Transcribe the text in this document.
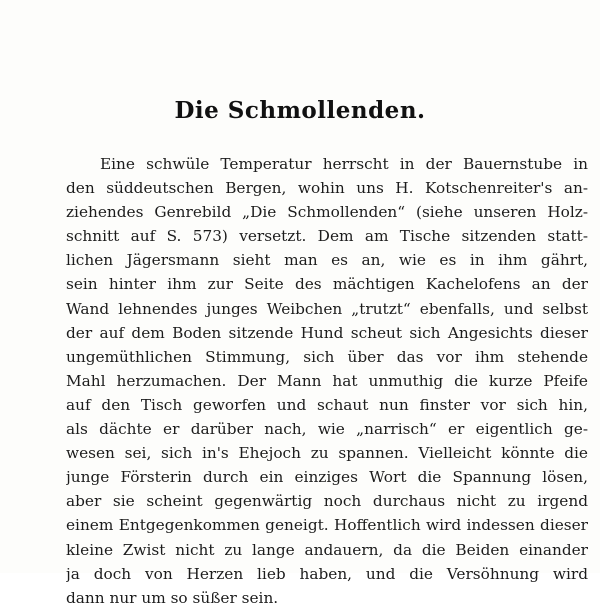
Die Schmollenden.
Eine schwüle Temperatur herrscht in der Bauernstube in
den süddeutschen Bergen, wohin uns H. Kotschenreiter's an-
ziehendes Genrebild „Die Schmollenden“ (siehe unseren Holz-
schnitt auf S. 573) versetzt. Dem am Tische sitzenden statt-
lichen Jägersmann sieht man es an, wie es in ihm gährt,
sein hinter ihm zur Seite des mächtigen Kachelofens an der
Wand lehnendes junges Weibchen „trutzt“ ebenfalls, und selbst
der auf dem Boden sitzende Hund scheut sich Angesichts dieser
ungemüthlichen Stimmung, sich über das vor ihm stehende
Mahl herzumachen. Der Mann hat unmuthig die kurze Pfeife
auf den Tisch geworfen und schaut nun finster vor sich hin,
als dächte er darüber nach, wie „narrisch“ er eigentlich ge-
wesen sei, sich in's Ehejoch zu spannen. Vielleicht könnte die
junge Försterin durch ein einziges Wort die Spannung lösen,
aber sie scheint gegenwärtig noch durchaus nicht zu irgend
einem Entgegenkommen geneigt. Hoffentlich wird indessen dieser
kleine Zwist nicht zu lange andauern, da die Beiden einander
ja doch von Herzen lieb haben, und die Versöhnung wird
dann nur um so süßer sein.
